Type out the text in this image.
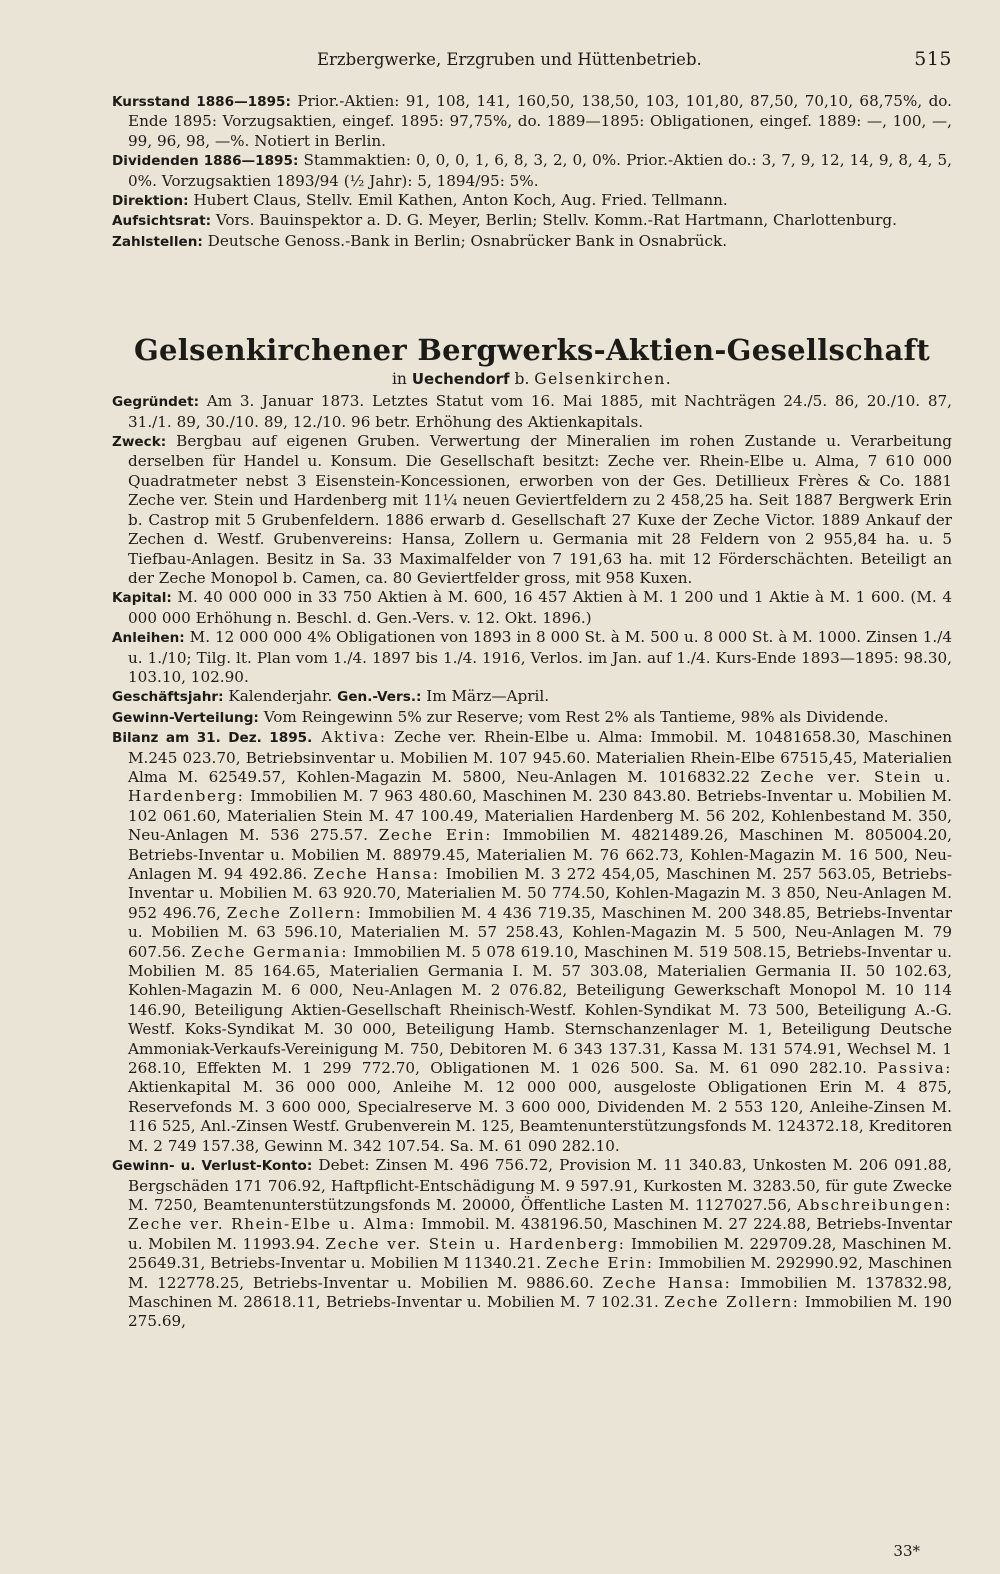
Erzbergwerke, Erzgruben und Hüttenbetrieb.	515

Kursstand 1886—1895: Prior.-Aktien: 91, 108, 141, 160,50, 138,50, 103, 101,80, 87,50, 70,10, 68,75%, do. Ende 1895: Vorzugsaktien, eingef. 1895: 97,75%, do. 1889—1895: Obligationen, eingef. 1889: —, 100, —, 99, 96, 98, —%. Notiert in Berlin.

Dividenden 1886—1895: Stammaktien: 0, 0, 0, 1, 6, 8, 3, 2, 0, 0%. Prior.-Aktien do.: 3, 7, 9, 12, 14, 9, 8, 4, 5, 0%. Vorzugsaktien 1893/94 (½ Jahr): 5, 1894/95: 5%.

Direktion: Hubert Claus, Stellv. Emil Kathen, Anton Koch, Aug. Fried. Tellmann.

Aufsichtsrat: Vors. Bauinspektor a. D. G. Meyer, Berlin; Stellv. Komm.-Rat Hartmann, Charlottenburg.

Zahlstellen: Deutsche Genoss.-Bank in Berlin; Osnabrücker Bank in Osnabrück.

Gelsenkirchener Bergwerks-Aktien-Gesellschaft
in Uechendorf b. Gelsenkirchen.

Gegründet: Am 3. Januar 1873. Letztes Statut vom 16. Mai 1885, mit Nachträgen 24./5. 86, 20./10. 87, 31./1. 89, 30./10. 89, 12./10. 96 betr. Erhöhung des Aktienkapitals.

Zweck: Bergbau auf eigenen Gruben. Verwertung der Mineralien im rohen Zustande u. Verarbeitung derselben für Handel u. Konsum. Die Gesellschaft besitzt: Zeche ver. Rhein-Elbe u. Alma, 7 610 000 Quadratmeter nebst 3 Eisenstein-Koncessionen, erworben von der Ges. Detillieux Frères & Co. 1881 Zeche ver. Stein und Hardenberg mit 11¼ neuen Geviertfeldern zu 2 458,25 ha. Seit 1887 Bergwerk Erin b. Castrop mit 5 Grubenfeldern. 1886 erwarb d. Gesellschaft 27 Kuxe der Zeche Victor. 1889 Ankauf der Zechen d. Westf. Grubenvereins: Hansa, Zollern u. Germania mit 28 Feldern von 2 955,84 ha. u. 5 Tiefbau-Anlagen. Besitz in Sa. 33 Maximalfelder von 7 191,63 ha. mit 12 Förderschächten. Beteiligt an der Zeche Monopol b. Camen, ca. 80 Geviertfelder gross, mit 958 Kuxen.

Kapital: M. 40 000 000 in 33 750 Aktien à M. 600, 16 457 Aktien à M. 1 200 und 1 Aktie à M. 1 600. (M. 4 000 000 Erhöhung n. Beschl. d. Gen.-Vers. v. 12. Okt. 1896.)

Anleihen: M. 12 000 000 4% Obligationen von 1893 in 8 000 St. à M. 500 u. 8 000 St. à M. 1000. Zinsen 1./4 u. 1./10; Tilg. lt. Plan vom 1./4. 1897 bis 1./4. 1916, Verlos. im Jan. auf 1./4. Kurs-Ende 1893—1895: 98.30, 103.10, 102.90.

Geschäftsjahr: Kalenderjahr. Gen.-Vers.: Im März—April.

Gewinn-Verteilung: Vom Reingewinn 5% zur Reserve; vom Rest 2% als Tantieme, 98% als Dividende.

Bilanz am 31. Dez. 1895. Aktiva: Zeche ver. Rhein-Elbe u. Alma: Immobil. M. 10481658.30, Maschinen M.245 023.70, Betriebsinventar u. Mobilien M. 107 945.60. Materialien Rhein-Elbe 67515,45, Materialien Alma M. 62549.57, Kohlen-Magazin M. 5800, Neu-Anlagen M. 1016832.22 Zeche ver. Stein u. Hardenberg: Immobilien M. 7 963 480.60, Maschinen M. 230 843.80. Betriebs-Inventar u. Mobilien M. 102 061.60, Materialien Stein M. 47 100.49, Materialien Hardenberg M. 56 202, Kohlenbestand M. 350, Neu-Anlagen M. 536 275.57. Zeche Erin: Immobilien M. 4821489.26, Maschinen M. 805004.20, Betriebs-Inventar u. Mobilien M. 88979.45, Materialien M. 76 662.73, Kohlen-Magazin M. 16 500, Neu-Anlagen M. 94 492.86. Zeche Hansa: Imobilien M. 3 272 454,05, Maschinen M. 257 563.05, Betriebs-Inventar u. Mobilien M. 63 920.70, Materialien M. 50 774.50, Kohlen-Magazin M. 3 850, Neu-Anlagen M. 952 496.76, Zeche Zollern: Immobilien M. 4 436 719.35, Maschinen M. 200 348.85, Betriebs-Inventar u. Mobilien M. 63 596.10, Materialien M. 57 258.43, Kohlen-Magazin M. 5 500, Neu-Anlagen M. 79 607.56. Zeche Germania: Immobilien M. 5 078 619.10, Maschinen M. 519 508.15, Betriebs-Inventar u. Mobilien M. 85 164.65, Materialien Germania I. M. 57 303.08, Materialien Germania II. 50 102.63, Kohlen-Magazin M. 6 000, Neu-Anlagen M. 2 076.82, Beteiligung Gewerkschaft Monopol M. 10 114 146.90, Beteiligung Aktien-Gesellschaft Rheinisch-Westf. Kohlen-Syndikat M. 73 500, Beteiligung A.-G. Westf. Koks-Syndikat M. 30 000, Beteiligung Hamb. Sternschanzenlager M. 1, Beteiligung Deutsche Ammoniak-Verkaufs-Vereinigung M. 750, Debitoren M. 6 343 137.31, Kassa M. 131 574.91, Wechsel M. 1 268.10, Effekten M. 1 299 772.70, Obligationen M. 1 026 500. Sa. M. 61 090 282.10. Passiva: Aktienkapital M. 36 000 000, Anleihe M. 12 000 000, ausgeloste Obligationen Erin M. 4 875, Reservefonds M. 3 600 000, Specialreserve M. 3 600 000, Dividenden M. 2 553 120, Anleihe-Zinsen M. 116 525, Anl.-Zinsen Westf. Grubenverein M. 125, Beamtenunterstützungsfonds M. 124372.18, Kreditoren M. 2 749 157.38, Gewinn M. 342 107.54. Sa. M. 61 090 282.10.

Gewinn- u. Verlust-Konto: Debet: Zinsen M. 496 756.72, Provision M. 11 340.83, Unkosten M. 206 091.88, Bergschäden 171 706.92, Haftpflicht-Entschädigung M. 9 597.91, Kurkosten M. 3283.50, für gute Zwecke M. 7250, Beamtenunterstützungsfonds M. 20000, Öffentliche Lasten M. 1127027.56, Abschreibungen: Zeche ver. Rhein-Elbe u. Alma: Immobil. M. 438196.50, Maschinen M. 27 224.88, Betriebs-Inventar u. Mobilen M. 11993.94. Zeche ver. Stein u. Hardenberg: Immobilien M. 229709.28, Maschinen M. 25649.31, Betriebs-Inventar u. Mobilien M 11340.21. Zeche Erin: Immobilien M. 292990.92, Maschinen M. 122778.25, Betriebs-Inventar u. Mobilien M. 9886.60. Zeche Hansa: Immobilien M. 137832.98, Maschinen M. 28618.11, Betriebs-Inventar u. Mobilien M. 7 102.31. Zeche Zollern: Immobilien M. 190 275.69,

33*
